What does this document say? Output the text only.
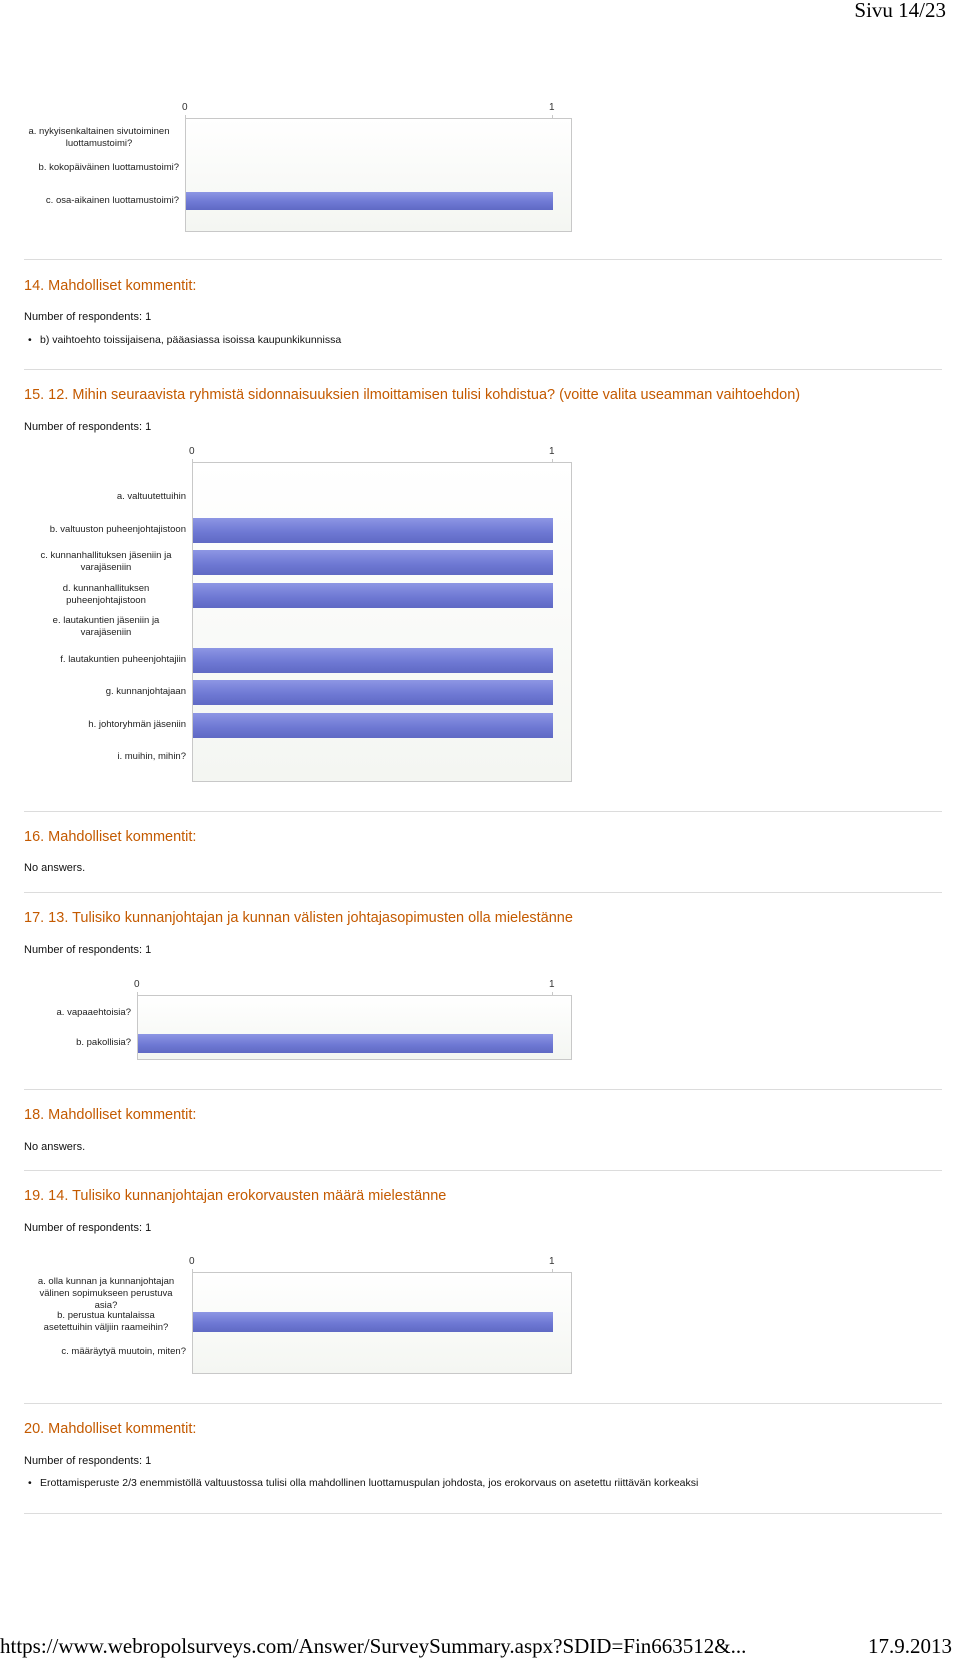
Sivu 14/23
0	1
a. nykyisenkaltainen sivutoiminen
luottamustoimi?
b. kokopäiväinen luottamustoimi?
c. osa-aikainen luottamustoimi?
14. Mahdolliset kommentit:
Number of respondents: 1
• b) vaihtoehto toissijaisena, pääasiassa isoissa kaupunkikunnissa
15. 12. Mihin seuraavista ryhmistä sidonnaisuuksien ilmoittamisen tulisi kohdistua? (voitte valita useamman vaihtoehdon)
Number of respondents: 1
0	1
a. valtuutettuihin
b. valtuuston puheenjohtajistoon
c. kunnanhallituksen jäseniin ja
varajäseniin
d. kunnanhallituksen
puheenjohtajistoon
e. lautakuntien jäseniin ja
varajäseniin
f. lautakuntien puheenjohtajiin
g. kunnanjohtajaan
h. johtoryhmän jäseniin
i. muihin, mihin?
16. Mahdolliset kommentit:
No answers.
17. 13. Tulisiko kunnanjohtajan ja kunnan välisten johtajasopimusten olla mielestänne
Number of respondents: 1
0	1
a. vapaaehtoisia?
b. pakollisia?
18. Mahdolliset kommentit:
No answers.
19. 14. Tulisiko kunnanjohtajan erokorvausten määrä mielestänne
Number of respondents: 1
0	1
a. olla kunnan ja kunnanjohtajan
välinen sopimukseen perustuva
asia?
b. perustua kuntalaissa
asetettuihin väljiin raameihin?
c. määräytyä muutoin, miten?
20. Mahdolliset kommentit:
Number of respondents: 1
• Erottamisperuste 2/3 enemmistöllä valtuustossa tulisi olla mahdollinen luottamuspulan johdosta, jos erokorvaus on asetettu riittävän korkeaksi
https://www.webropolsurveys.com/Answer/SurveySummary.aspx?SDID=Fin663512&...	17.9.2013
